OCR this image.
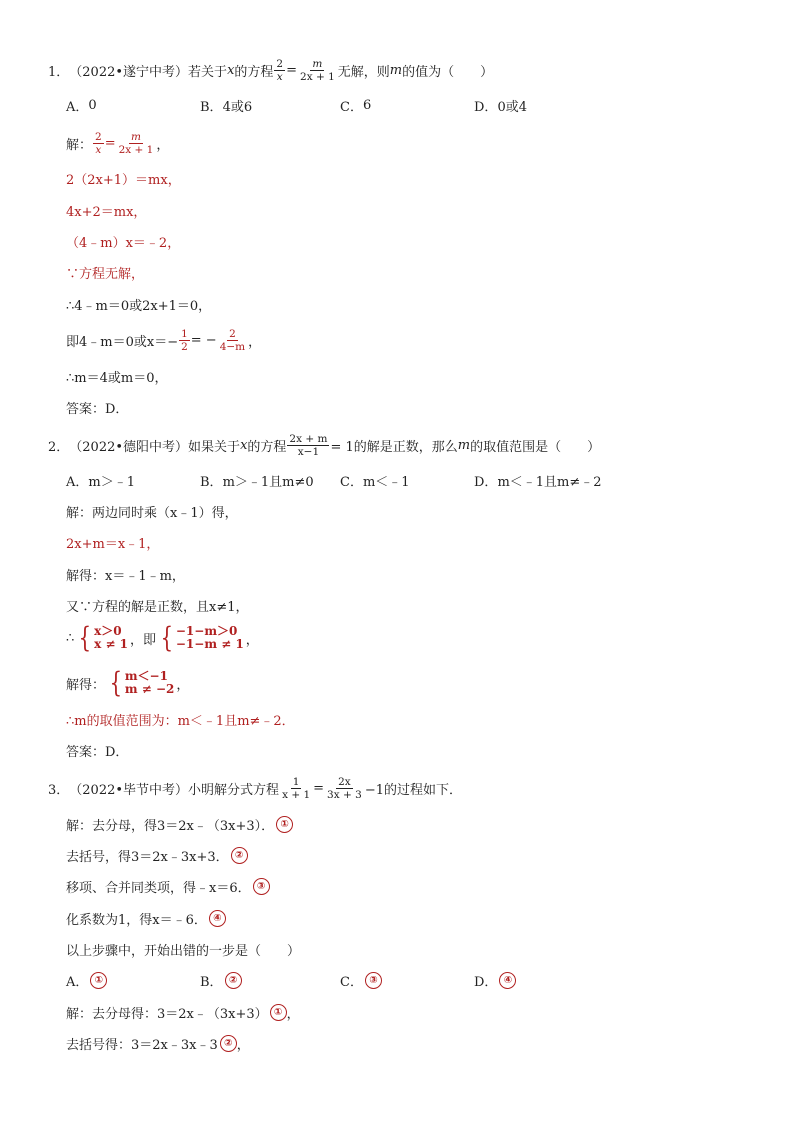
1． （2022•遂宁中考） 若关于 x 的方程 $\frac{2}{x} = \frac{m}{2x + 1}$ 无解，则 m 的值为（　　）
A． 0	B． 4或6	C． 6	D． 0或4
解： $\frac{2}{x} = \frac{m}{2x + 1}$ ，
2（2x+1）＝mx，
4x+2＝mx，
（4﹣m）x＝﹣2，
∵方程无解，
∴4﹣m＝0或2x+1＝0，
即4﹣m＝0或$x=- \frac{1}{2}$ = − $\frac{2}{4-m}$ ，
∴m＝4或m＝0，
答案：D．
2． （2022•德阳中考） 如果关于 x 的方程 $\frac{2x + m}{x-1} = 1$的解是正数，那么 m 的取值范围是（　　）
A． m＞﹣1	B． m＞﹣1且m≠0 C． m＜﹣1	D． m＜﹣1且m≠﹣2
解：两边同时乘（x﹣1）得，
2x+m＝x﹣1，
解得：x＝﹣1﹣m，
又∵方程的解是正数，且x≠1，
∴ { x＞0
x ≠ 1 ，即 { −1−m＞0
−1−m ≠ 1 ，
解得： { m＜−1
m ≠ −2 ，
∴m的取值范围为：m＜﹣1且m≠﹣2．
答案：D．
3． （2022•毕节中考） 小明解分式方程 $\frac{1}{x + 1} = \frac{2x}{3x + 3} -1$的过程如下．
解：去分母，得3＝2x﹣（3x+3）． ①
去括号，得3＝2x﹣3x+3． ②
移项、合并同类项，得﹣x＝6． ③
化系数为1，得x＝﹣6． ④
以上步骤中，开始出错的一步是（　　）
A． ①	B． ②	C． ③	D． ④
解：去分母得：3＝2x﹣（3x+3） ① ，
去括号得：3＝2x﹣3x﹣3 ② ，
